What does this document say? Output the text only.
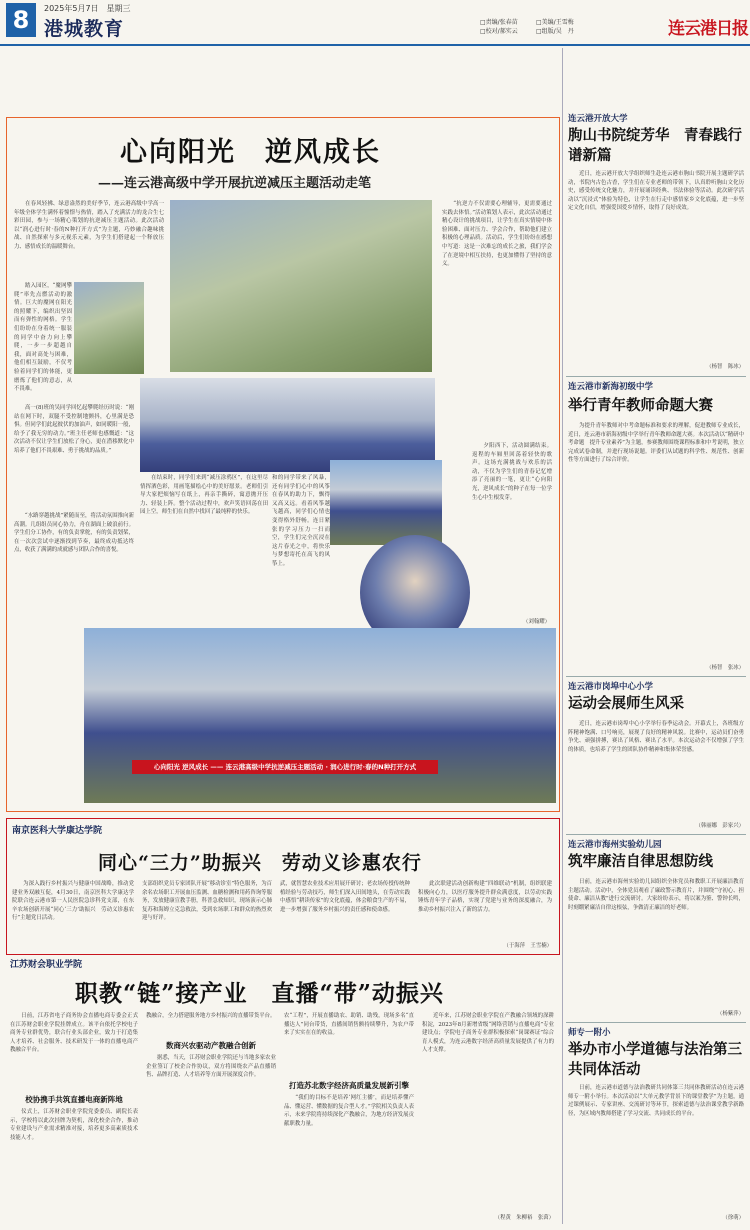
8	2025年5月7日　星期三
港城教育	□责编/张春苗	□美编/王雪梅
□校对/郝实云	□组版/吴　丹	连云港日报
心向阳光　逆风成长
——连云港高级中学开展抗逆减压主题活动走笔
心向阳光 逆风成长 —— 连云港高级中学抗逆减压主题活动 · 润心进行时·春的N种打开方式
　　在春风轻拂、绿意盎然的美好季节，连云港高级中学高一年级全体学生满怀着憧憬与热情，踏入了充满活力的龙合生七彩田园，参与一场精心策划的抗逆减压主题活动。此次活动以“润心进行时·春的N种打开方式”为主题，巧妙融合趣味挑战、自然探索与多元视乐元素，为学生们搭建起一个释放压力、感悟成长的温暖舞台。
　　踏入园区，“魔网攀爬”率先点燃活动的激情。巨大的魔网在阳光的照耀下，编织出坚固而有弹性的网格。学生们纷纷在身着统一服装的同学中奋力向上攀爬，一步一步超越自我，面对高处与困难，他们相互鼓励，不仅考验着同学们的体能，更磨炼了他们的意志，从不畏难。
　　高一(8)班的吴同学回忆起攀爬经历时说：“刚站在网下时，双腿不受控制地颤抖，心里满是恐惧。但同学们此起彼伏的加油声，如同暖阳一般，给予了我无穷的动力。”班主任老师也感慨道：“这次活动不仅让学生们放松了身心，更在潜移默化中培养了他们不畏艰难、勇于挑战的品质。”
　　“水路穿越挑战”紧随而至，将活动氛围推向新高潮。几组组员同心协力，舟在湖面上破浪前行。学生们分工协作，有的负责掌舵，有的负责划桨，在一次次尝试中逐渐找到节奏，最终成功抵达终点，收获了满满的成就感与团队合作的喜悦。
　　在结束时，同学们来到“减压涂鸦区”，在这里尽情挥洒色彩，用画笔描绘心中的美好愿景。老师们引导大家把烦恼写在纸上，再亲手撕碎，寓意抛开压力、轻装上阵。整个活动过程中，欢声笑语回荡在田园上空，师生们在自然中找回了最纯粹的快乐。
和的同学带来了风暴，还有同学们心中的风筝在春风的助力下，飘得又高又远。看着风筝越飞越高，同学们心情也变得格外舒畅。连日紧张的学习压力一扫而空，学生们完全沉浸在这片春光之中，将快乐与梦想寄托在高飞的风筝上。
　　“抗逆力不仅需要心理辅导，更需要通过实践去体悟。”活动策划人表示，此次活动通过精心设计的挑战项目，让学生在真实情境中体验困难、面对压力、学会合作，帮助他们建立积极的心理品质。活动后，学生们纷纷在感想中写道：这是一次难忘的成长之旅，我们学会了在逆境中相互扶持，也更加懂得了坚持的意义。
　　夕阳西下，活动圆满结束。返程的车厢里回荡着轻快的歌声。这场充满挑战与欢乐的活动，不仅为学生们的青春记忆增添了亮丽的一笔，更让“心向阳光，逆风成长”的种子在每一位学生心中生根发芽。
（刘翰耀）
南京医科大学康达学院
同心“三力”助振兴　劳动义诊惠农行
　　为深入践行乡村振兴与健康中国战略，推动党建业务双融互促，4月30日，南京医科大学康达学院联合连云港市第一人民医院急诊科党支部，在东辛农场创新开展“同心‘三力’助振兴　劳动义诊惠农行”主题党日活动。
支部组织党员专家团队开展“移动诊室”特色服务，为百余名农场职工开展血压监测、血糖检测和用药咨询等服务，发放健康宣教手册，科普急救知识，现场演示心肺复苏和海姆立克急救法，受到农场职工和群众的热烈欢迎与好评。
武，就智慧农业技术应用展开研讨；老农场传授传统种植经验与劳动技巧，师生们深入田间地头，在劳动实践中感悟“耕读传家”的文化底蕴，体会粮食生产的不易，进一步增强了服务乡村振兴的责任感和使命感。
　　此次联建活动创新构建“四维联动”机制，组织联建积极向心力，以医疗服务提升群众满意度，以劳动实践锤炼青年学子品格，实现了党建与业务的深度融合，为推动乡村振兴注入了新的活力。
（于海萍　王雪楠）
江苏财会职业学院
职教“链”接产业　直播“带”动振兴
　　日前，江苏省电子商务协会直播电商专委会正式在江苏财会职业学院挂牌成立。该平台依托学校电子商务专业群优势，联合行业头部企业，致力于打造集人才培养、社会服务、技术研发于一体的直播电商产教融合平台。
校协携手共筑直播电商新阵地
　　仪式上，江苏财会职业学院党委委员、副院长表示，学校将以此次挂牌为契机，深化校企合作，推动专业建设与产业需求精准对接，培养更多高素质技术技能人才。
教融合，全力搭建服务地方乡村振兴的直播带货平台。
数商兴农驱动产教融合创新
　　据悉，当天，江苏财会职业学院还与当地多家农业企业签订了校企合作协议，双方将围绕农产品直播销售、品牌打造、人才培养等方面开展深度合作。
农“工程”，开展直播助农、助销、助残，现场多名“直播达人”同台带货，直播间销售额持续攀升，为农户带来了实实在在的收益。
打造苏北数字经济高质量发展新引擎
　　“我们的目标不是培养‘网红主播’，而是培养懂产品、懂运营、懂数据的复合型人才。”学院相关负责人表示，未来学院将持续深化产教融合，为地方经济发展贡献职教力量。
　　近年来，江苏财会职业学院在产教融合领域的深耕积淀，2023年8月新增省级“网络营销与直播电商”专业建设点；学院电子商务专业群积极探索“岗课赛证”综合育人模式，为连云港数字经济高质量发展提供了有力的人才支撑。
（程黄　朱柳裕　张茵）
连云港开放大学
朐山书院绽芳华　青春践行谱新篇
　　近日，连云港开放大学组织师生赴连云港市朐山书院开展主题研学活动，书院内古色古香，学生们在专业老师的带领下，认真聆听朐山文化历史，感受传统文化魅力，并开展诵读经典、书法体验等活动。此次研学活动以“沉浸式”体验为特色，让学生在行走中感悟家乡文化底蕴，进一步坚定文化自信，增强爱国爱乡情怀，取得了良好成效。
（杨智　陈冰）
连云港市新海初级中学
举行青年教师命题大赛
　　为提升青年教师对中考命题标准和要求的理解，促进教师专业成长，近日，连云港市新海初级中学举行青年教师命题大赛。本次活动以“精研中考命题　提升专业素养”为主题，参赛教师围绕课程标准和中考说明，独立完成试卷命制，并进行现场说题。评委们从试题的科学性、规范性、创新性等方面进行了综合评价。
（杨智　张冰）
连云港市岗埠中心小学
运动会展师生风采
　　近日，连云港市岗埠中心小学举行春季运动会。开幕式上，各班级方阵精神饱满、口号响亮，展现了良好的精神风貌。比赛中，运动员们奋勇争先、顽强拼搏，赛出了风格、赛出了水平。本次运动会不仅增强了学生的体质，也培养了学生的团队协作精神和集体荣誉感。
（韩丽娜　彭家兴）
连云港市海州实验幼儿园
筑牢廉洁自律思想防线
　　日前，连云港市海州实验幼儿园组织全体党员和教职工开展廉洁教育主题活动。活动中，全体党员观看了廉政警示教育片，并围绕“守初心、担使命、廉洁从教”进行交流研讨。大家纷纷表示，将以案为鉴、警钟长鸣，时刻绷紧廉洁自律这根弦，争做清正廉洁的好老师。
（杨紫萍）
师专一附小
举办市小学道德与法治第三共同体活动
　　日前，连云港市道德与法治教研共同体第三共同体教研活动在连云港师专一附小举行。本次活动以“大单元教学背景下的课堂教学”为主题，通过课例展示、专家讲座、交流研讨等环节，探索道德与法治课堂教学新路径，为区域内教师搭建了学习交流、共同成长的平台。
（徐萌）
